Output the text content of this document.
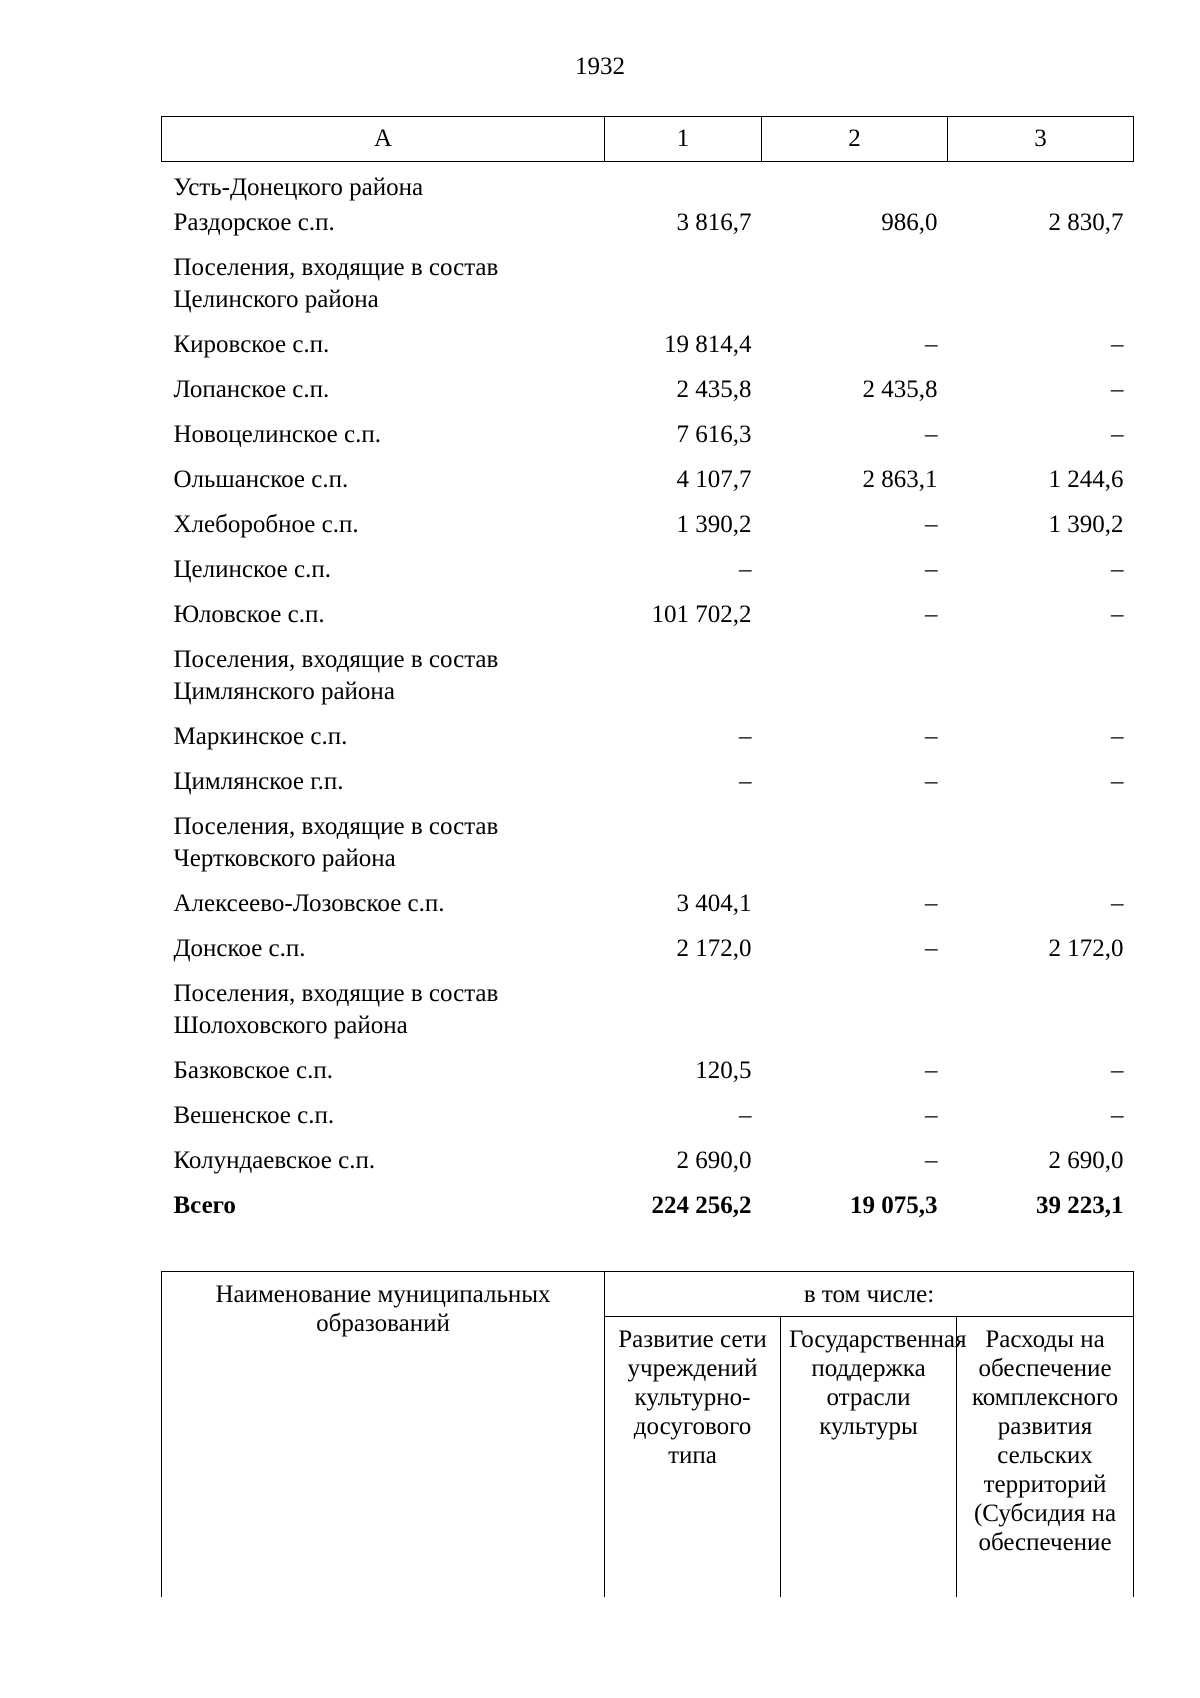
1932
А	1	2	3
Усть-Донецкого района			
Раздорское с.п.	3 816,7	986,0	2 830,7
Поселения, входящие в состав Целинского района			
Кировское с.п.	19 814,4	–	–
Лопанское с.п.	2 435,8	2 435,8	–
Новоцелинское с.п.	7 616,3	–	–
Ольшанское с.п.	4 107,7	2 863,1	1 244,6
Хлеборобное с.п.	1 390,2	–	1 390,2
Целинское с.п.	–	–	–
Юловское с.п.	101 702,2	–	–
Поселения, входящие в состав Цимлянского района			
Маркинское с.п.	–	–	–
Цимлянское г.п.	–	–	–
Поселения, входящие в состав Чертковского района			
Алексеево-Лозовское с.п.	3 404,1	–	–
Донское с.п.	2 172,0	–	2 172,0
Поселения, входящие в состав Шолоховского района			
Базковское с.п.	120,5	–	–
Вешенское с.п.	–	–	–
Колундаевское с.п.	2 690,0	–	2 690,0
Всего	224 256,2	19 075,3	39 223,1
Наименование муниципальных образований	в том числе:		
	Развитие сети учреждений культурно-досугового типа	Государственная поддержка отрасли культуры	Расходы на обеспечение комплексного развития сельских территорий (Субсидия на обеспечение
